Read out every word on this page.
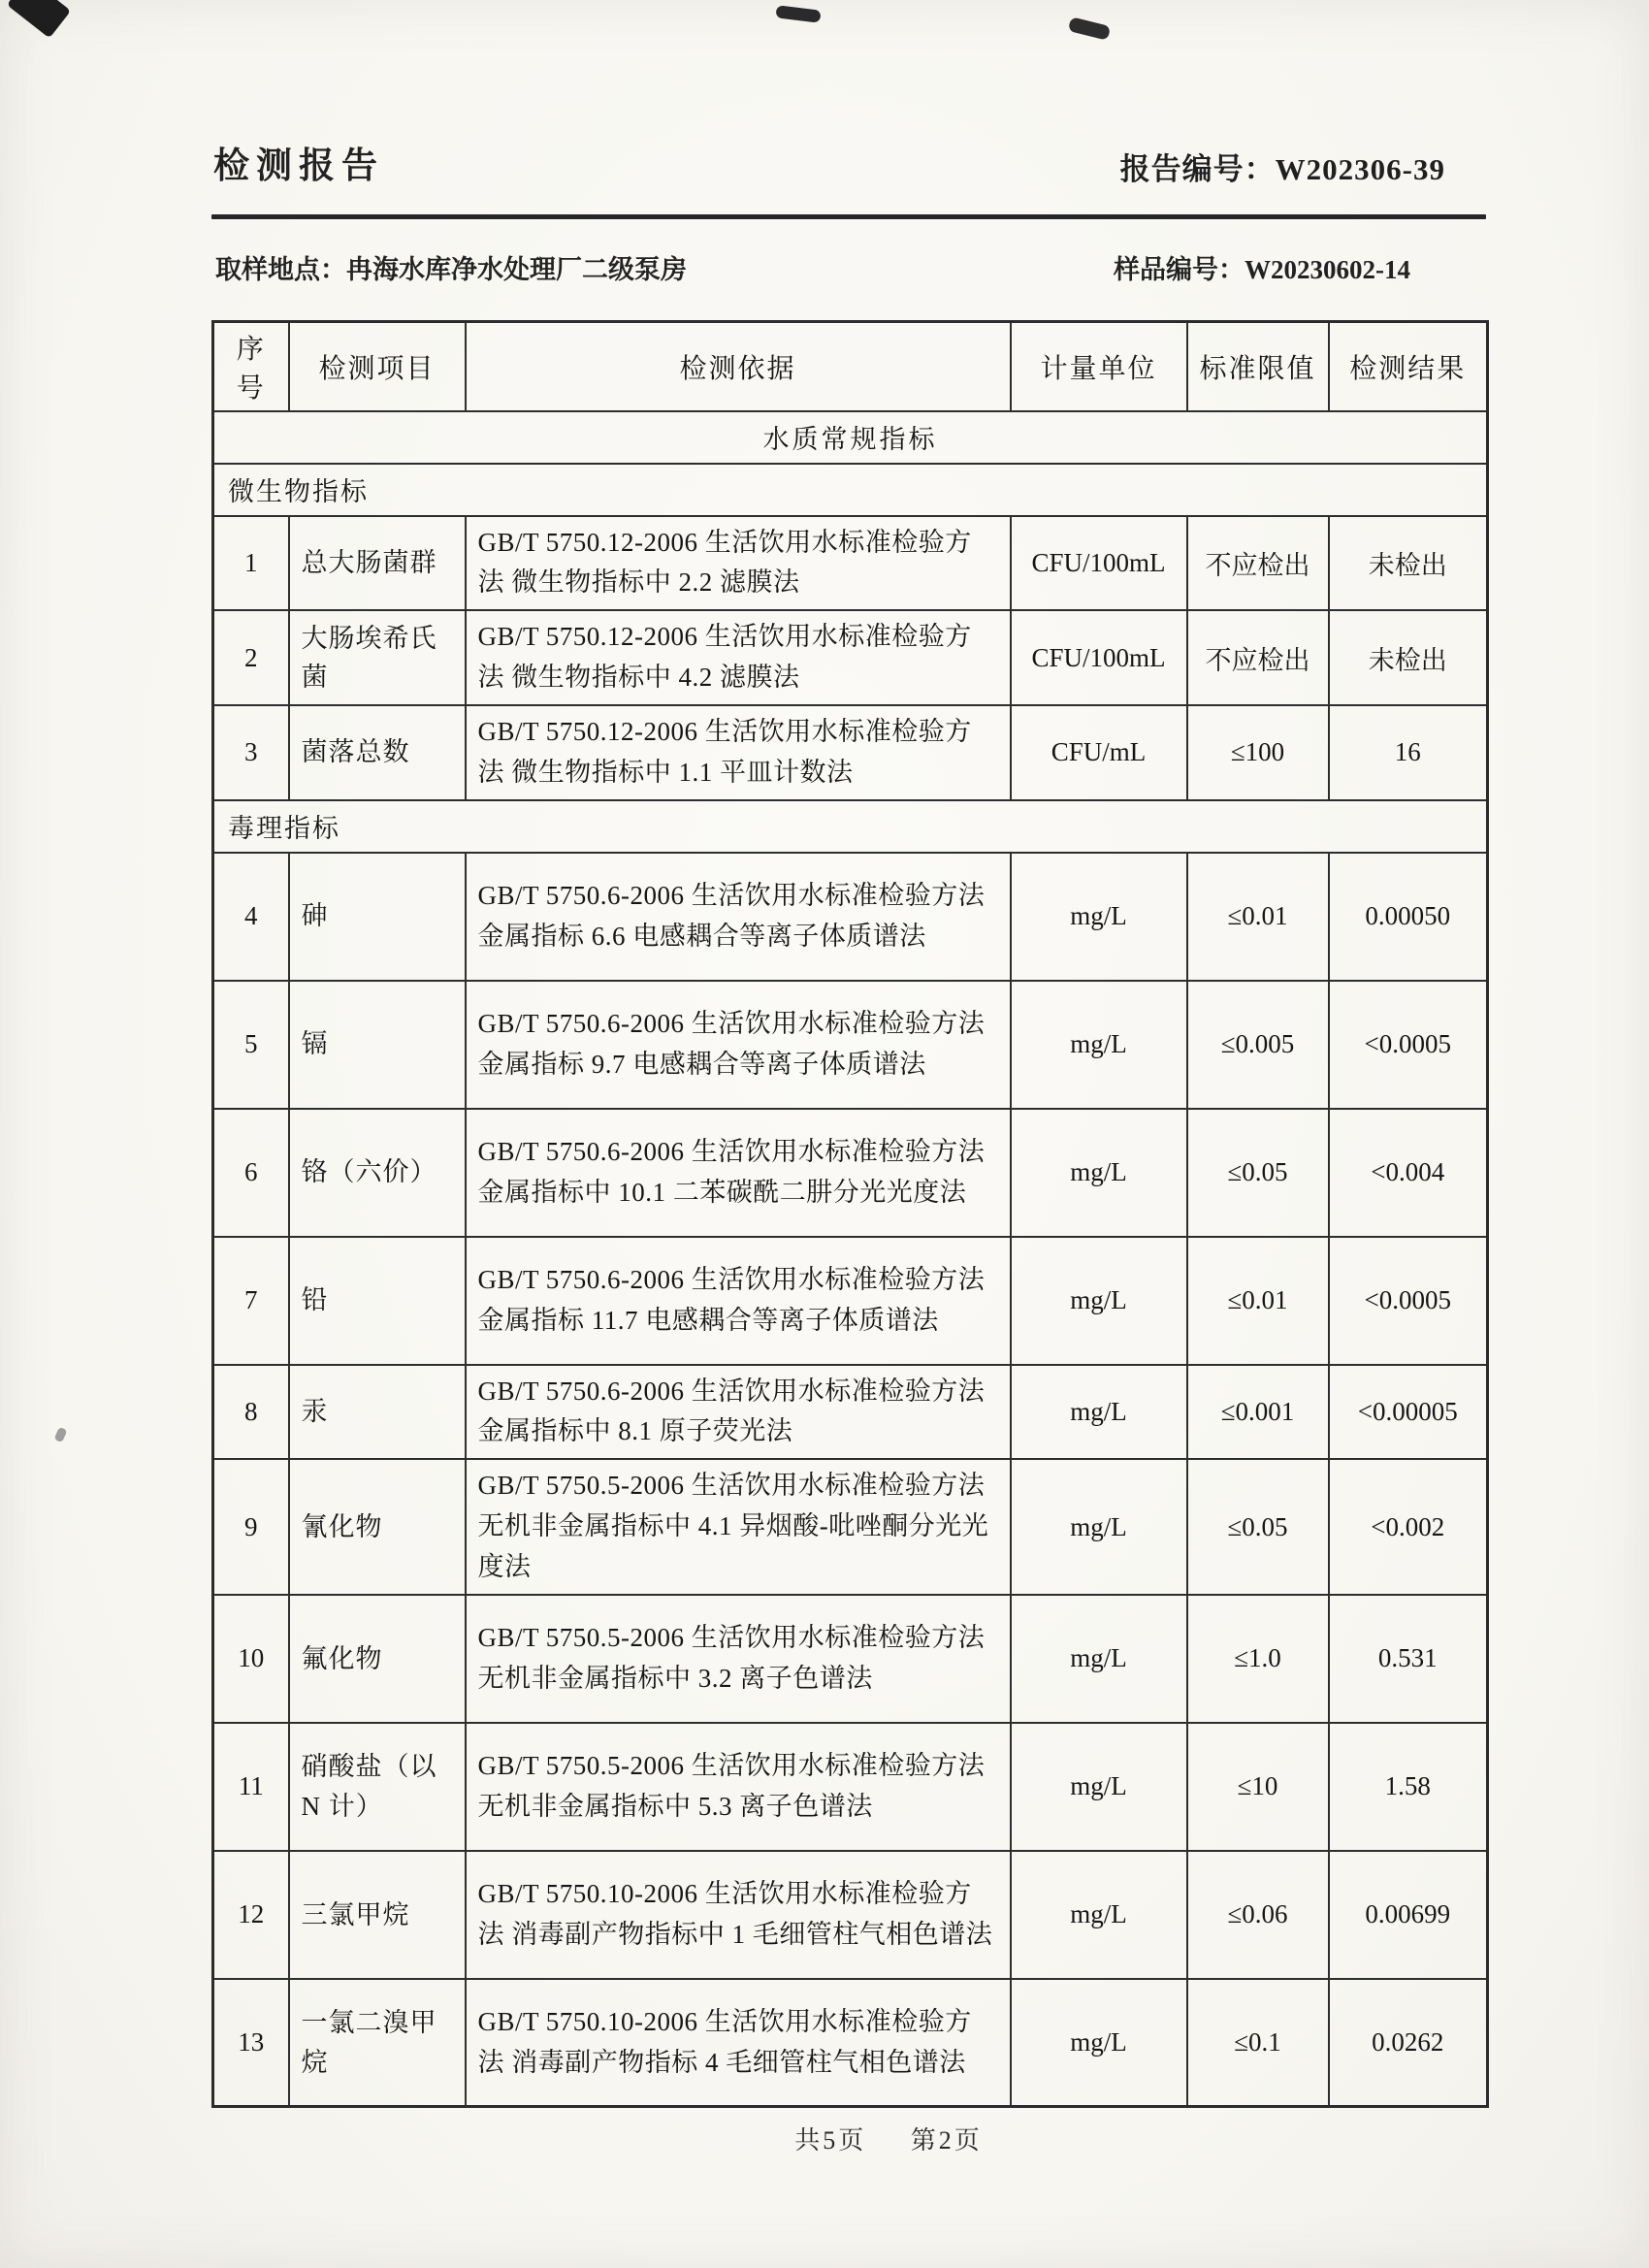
检测报告	报告编号：W202306-39
取样地点：冉海水库净水处理厂二级泵房	样品编号：W20230602-14
序号	检测项目	检测依据	计量单位	标准限值	检测结果
水质常规指标					
微生物指标					
1	总大肠菌群	GB/T 5750.12-2006 生活饮用水标准检验方法 微生物指标中 2.2 滤膜法	CFU/100mL	不应检出	未检出
2	大肠埃希氏菌	GB/T 5750.12-2006 生活饮用水标准检验方法 微生物指标中 4.2 滤膜法	CFU/100mL	不应检出	未检出
3	菌落总数	GB/T 5750.12-2006 生活饮用水标准检验方法 微生物指标中 1.1 平皿计数法	CFU/mL	≤100	16
毒理指标					
4	砷	GB/T 5750.6-2006 生活饮用水标准检验方法 金属指标 6.6 电感耦合等离子体质谱法	mg/L	≤0.01	0.00050
5	镉	GB/T 5750.6-2006 生活饮用水标准检验方法 金属指标 9.7 电感耦合等离子体质谱法	mg/L	≤0.005	<0.0005
6	铬（六价）	GB/T 5750.6-2006 生活饮用水标准检验方法 金属指标中 10.1 二苯碳酰二肼分光光度法	mg/L	≤0.05	<0.004
7	铅	GB/T 5750.6-2006 生活饮用水标准检验方法 金属指标 11.7 电感耦合等离子体质谱法	mg/L	≤0.01	<0.0005
8	汞	GB/T 5750.6-2006 生活饮用水标准检验方法 金属指标中 8.1 原子荧光法	mg/L	≤0.001	<0.00005
9	氰化物	GB/T 5750.5-2006 生活饮用水标准检验方法 无机非金属指标中 4.1 异烟酸-吡唑酮分光光度法	mg/L	≤0.05	<0.002
10	氟化物	GB/T 5750.5-2006 生活饮用水标准检验方法 无机非金属指标中 3.2 离子色谱法	mg/L	≤1.0	0.531
11	硝酸盐（以 N 计）	GB/T 5750.5-2006 生活饮用水标准检验方法 无机非金属指标中 5.3 离子色谱法	mg/L	≤10	1.58
12	三氯甲烷	GB/T 5750.10-2006 生活饮用水标准检验方法 消毒副产物指标中 1 毛细管柱气相色谱法	mg/L	≤0.06	0.00699
13	一氯二溴甲烷	GB/T 5750.10-2006 生活饮用水标准检验方法 消毒副产物指标 4 毛细管柱气相色谱法	mg/L	≤0.1	0.0262
共5页 第2页
